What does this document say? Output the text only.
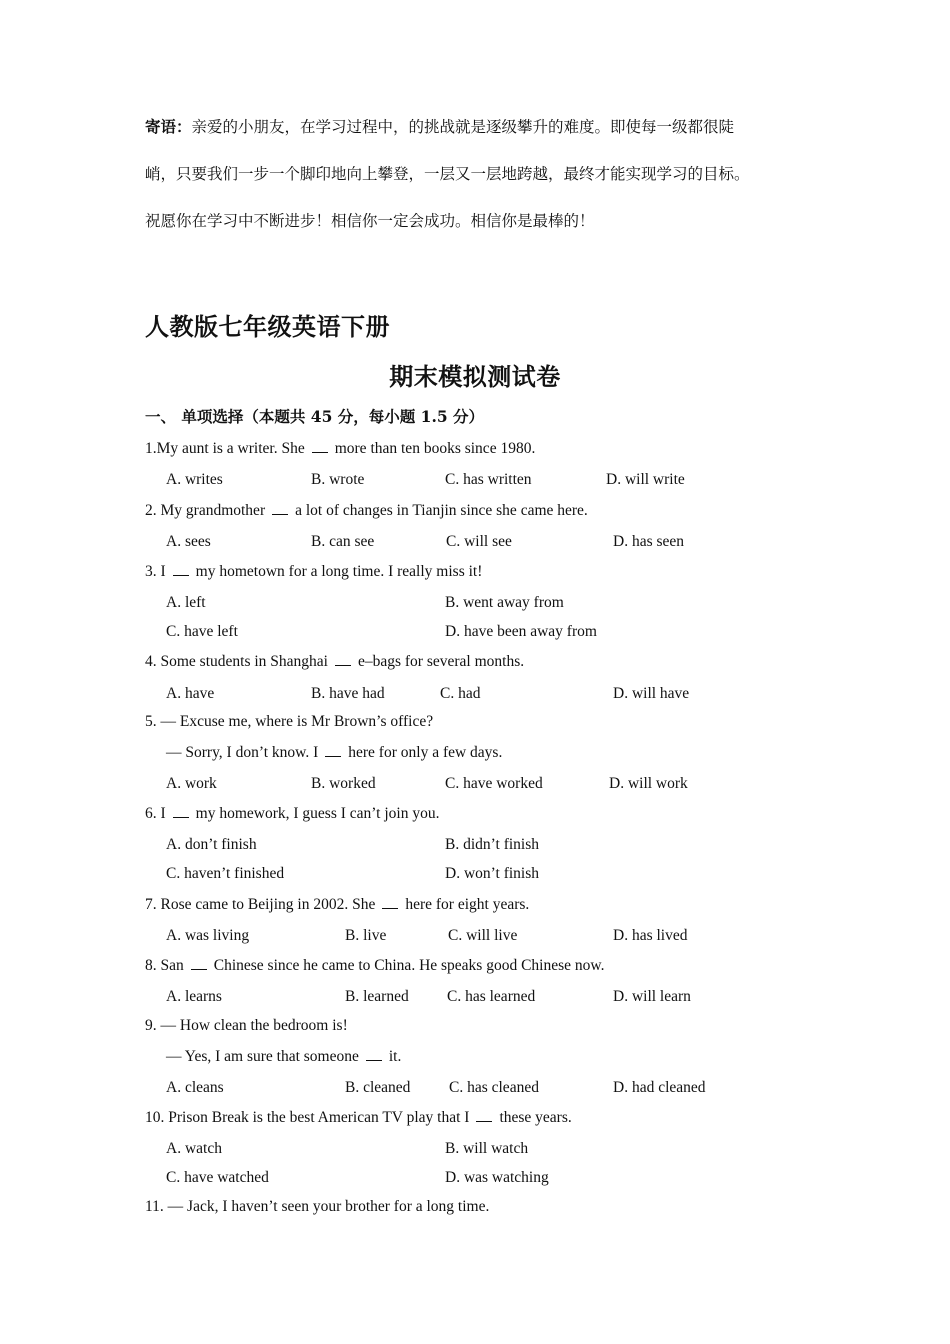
寄语：亲爱的小朋友，在学习过程中，的挑战就是逐级攀升的难度。即使每一级都很陡
峭，只要我们一步一个脚印地向上攀登，一层又一层地跨越，最终才能实现学习的目标。
祝愿你在学习中不断进步！相信你一定会成功。相信你是最棒的！
人教版七年级英语下册
期末模拟测试卷
一、 单项选择（本题共 45 分，每小题 1.5 分）
1.My aunt is a writer. She more than ten books since 1980.
A. writes	B. wrote	C. has written	D. will write
2. My grandmother a lot of changes in Tianjin since she came here.
A. sees	B. can see	C. will see	D. has seen
3. I my hometown for a long time. I really miss it!
A. left	B. went away from
C. have left	D. have been away from
4. Some students in Shanghai e–bags for several months.
A. have	B. have had	C. had	D. will have
5. — Excuse me, where is Mr Brown’s office?
— Sorry, I don’t know. I here for only a few days.
A. work	B. worked	C. have worked	D. will work
6. I my homework, I guess I can’t join you.
A. don’t finish	B. didn’t finish
C. haven’t finished	D. won’t finish
7. Rose came to Beijing in 2002. She here for eight years.
A. was living	B. live	C. will live	D. has lived
8. San Chinese since he came to China. He speaks good Chinese now.
A. learns	B. learned C. has learned	D. will learn
9. — How clean the bedroom is!
— Yes, I am sure that someone it.
A. cleans	B. cleaned C. has cleaned	D. had cleaned
10. Prison Break is the best American TV play that I these years.
A. watch	B. will watch
C. have watched	D. was watching
11. — Jack, I haven’t seen your brother for a long time.
